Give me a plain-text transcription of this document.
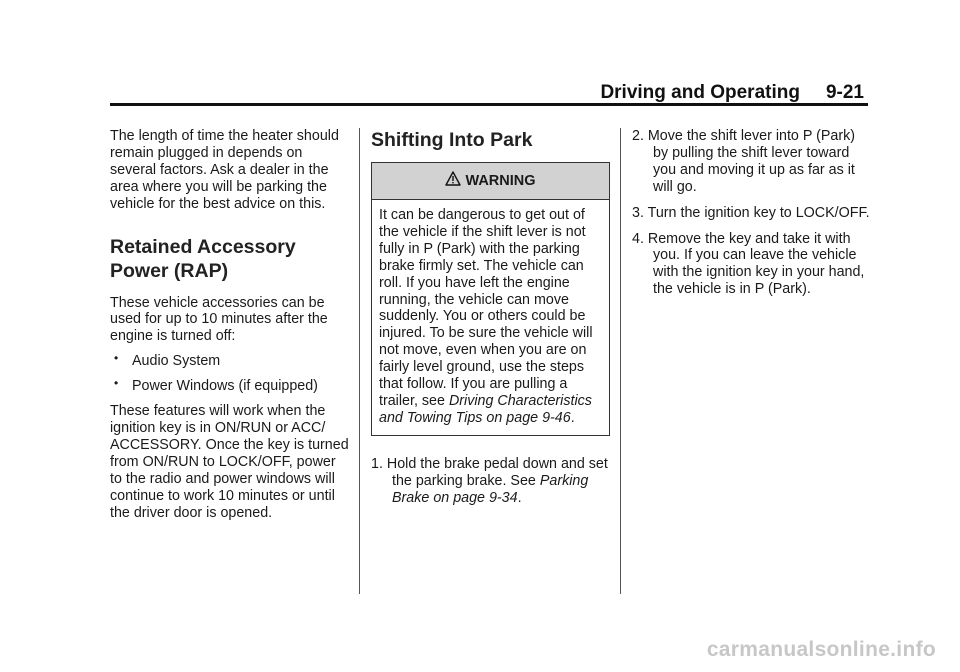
Driving and Operating 9-21

The length of time the heater should remain plugged in depends on several factors. Ask a dealer in the area where you will be parking the vehicle for the best advice on this.

Retained Accessory Power (RAP)

These vehicle accessories can be used for up to 10 minutes after the engine is turned off:

• Audio System
• Power Windows (if equipped)

These features will work when the ignition key is in ON/RUN or ACC/ ACCESSORY. Once the key is turned from ON/RUN to LOCK/OFF, power to the radio and power windows will continue to work 10 minutes or until the driver door is opened.

Shifting Into Park
WARNING
It can be dangerous to get out of the vehicle if the shift lever is not fully in P (Park) with the parking brake firmly set. The vehicle can roll. If you have left the engine running, the vehicle can move suddenly. You or others could be injured. To be sure the vehicle will not move, even when you are on fairly level ground, use the steps that follow. If you are pulling a trailer, see Driving Characteristics and Towing Tips on page 9-46.
1. Hold the brake pedal down and set the parking brake. See Parking Brake on page 9-34.
2. Move the shift lever into P (Park) by pulling the shift lever toward you and moving it up as far as it will go.
3. Turn the ignition key to LOCK/OFF.
4. Remove the key and take it with you. If you can leave the vehicle with the ignition key in your hand, the vehicle is in P (Park).
carmanualsonline.info
